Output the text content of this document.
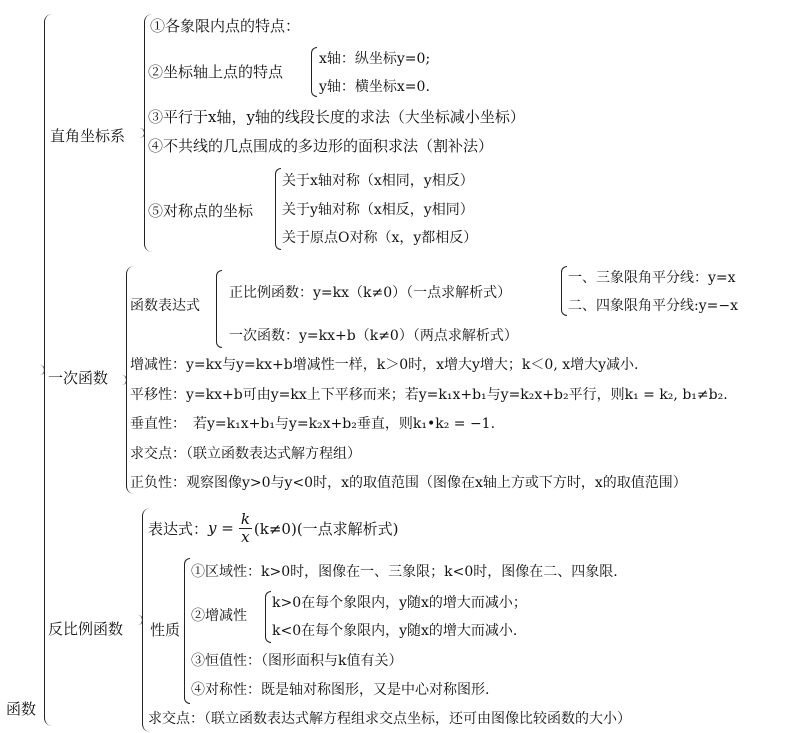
函数
直角坐标系
①各象限内点的特点：
②坐标轴上点的特点
x轴：纵坐标y=0;
y轴：横坐标x=0.
③平行于x轴，y轴的线段长度的求法（大坐标减小坐标）
④不共线的几点围成的多边形的面积求法（割补法）
⑤对称点的坐标
关于x轴对称（x相同，y相反）
关于y轴对称（x相反，y相同）
关于原点O对称（x，y都相反）
一次函数
函数表达式
正比例函数：y=kx（k≠0）（一点求解析式）
一、三象限角平分线：y=x
二、四象限角平分线:y=−x
一次函数：y=kx+b（k≠0）（两点求解析式）
增减性：y=kx与y=kx+b增减性一样，k＞0时，x增大y增大；k＜0, x增大y减小.
平移性：y=kx+b可由y=kx上下平移而来；若y=k₁x+b₁与y=k₂x+b₂平行，则k₁ = k₂, b₁≠b₂.
垂直性：　若y=k₁x+b₁与y=k₂x+b₂垂直，则k₁•k₂ = −1.
求交点：（联立函数表达式解方程组）
正负性：观察图像y>0与y<0时，x的取值范围（图像在x轴上方或下方时，x的取值范围）
反比例函数
表达式： $y = \frac{k}{x} (k\ne 0)$(一点求解析式)
性质
①区域性：k>0时，图像在一、三象限；k<0时，图像在二、四象限.
②增减性
k>0在每个象限内，y随x的增大而减小；
k<0在每个象限内，y随x的增大而减小.
③恒值性：（图形面积与k值有关）
④对称性：既是轴对称图形，又是中心对称图形.
求交点：（联立函数表达式解方程组求交点坐标，还可由图像比较函数的大小）
